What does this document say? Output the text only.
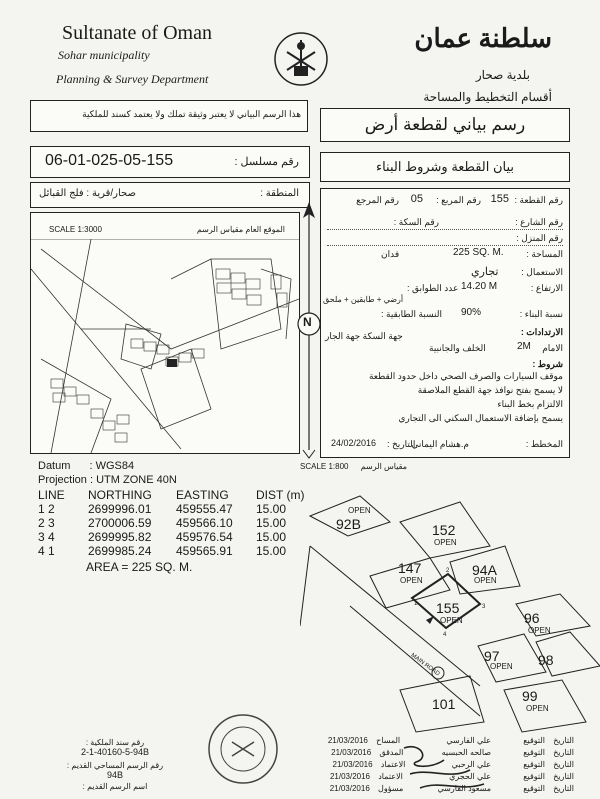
Sultanate of Oman
Sohar municipality
Planning & Survey Department
سلطنة عمان
بلدية صحار
أقسام التخطيط والمساحة
هذا الرسم البياني لا يعتبر وثيقة تملك ولا يعتمد كسند للملكية
رسم بياني لقطعة أرض
06-01-025-05-155	رقم مسلسل :	بيان القطعة وشروط البناء
صحار/قرية : فلج القبائل	المنطقة :
SCALE 1:3000	الموقع العام مقياس الرسم
N
رقم القطعة :
155
رقم المربع :
05
رقم المرجع
رقم الشارع :
رقم السكة :
رقم المنزل :
المساحة :
225 SQ. M.
فدان
الاستعمال :
تجاري
الارتفاع :
14.20 M
عدد الطوابق :
أرضي + طابقين + ملحق
نسبة البناء :
90%
النسبة الطابقية :
الارتدادات :
الامام
2M
الخلف والجانبية
جهة السكة جهة الجار
شروط :
موقف السيارات والصرف الصحي داخل حدود القطعة
لا يسمح بفتح نوافذ جهة القطع الملاصقة
الالتزام بخط البناء
يسمح بإضافة الاستعمال السكني الى التجاري
المخطط :
م.هشام اليماني
التاريخ :
24/02/2016
Datum : WGS84
Projection : UTM ZONE 40N
LINE	NORTHING	EASTING	DIST (m)
1 2	2699996.01	459555.47	15.00
2 3	2700006.59	459566.10	15.00
3 4	2699995.82	459576.54	15.00
4 1	2699985.24	459565.91	15.00
AREA = 225 SQ. M.
SCALE 1:800 مقياس الرسم
1
2
3
4
92B
OPEN
152
OPEN
147
OPEN
94A
OPEN
155
OPEN	96
OPEN
97
OPEN 98
101	99
OPEN
MAIN ROAD
رقم سند الملكية :
2-1-40160-5-94B
رقم الرسم المساحي القديم :
94B
اسم الرسم القديم :
21/03/2016	التاريخ التوقيع علي الفارسي المساح
21/03/2016	التاريخ التوقيع صالحه الحبسيه المدقق
21/03/2016	التاريخ التوقيع علي الرحبي الاعتماد
21/03/2016	التاريخ التوقيع علي الحجري الاعتماد
21/03/2016	التاريخ التوقيع مسعود الفارسي مسؤول
